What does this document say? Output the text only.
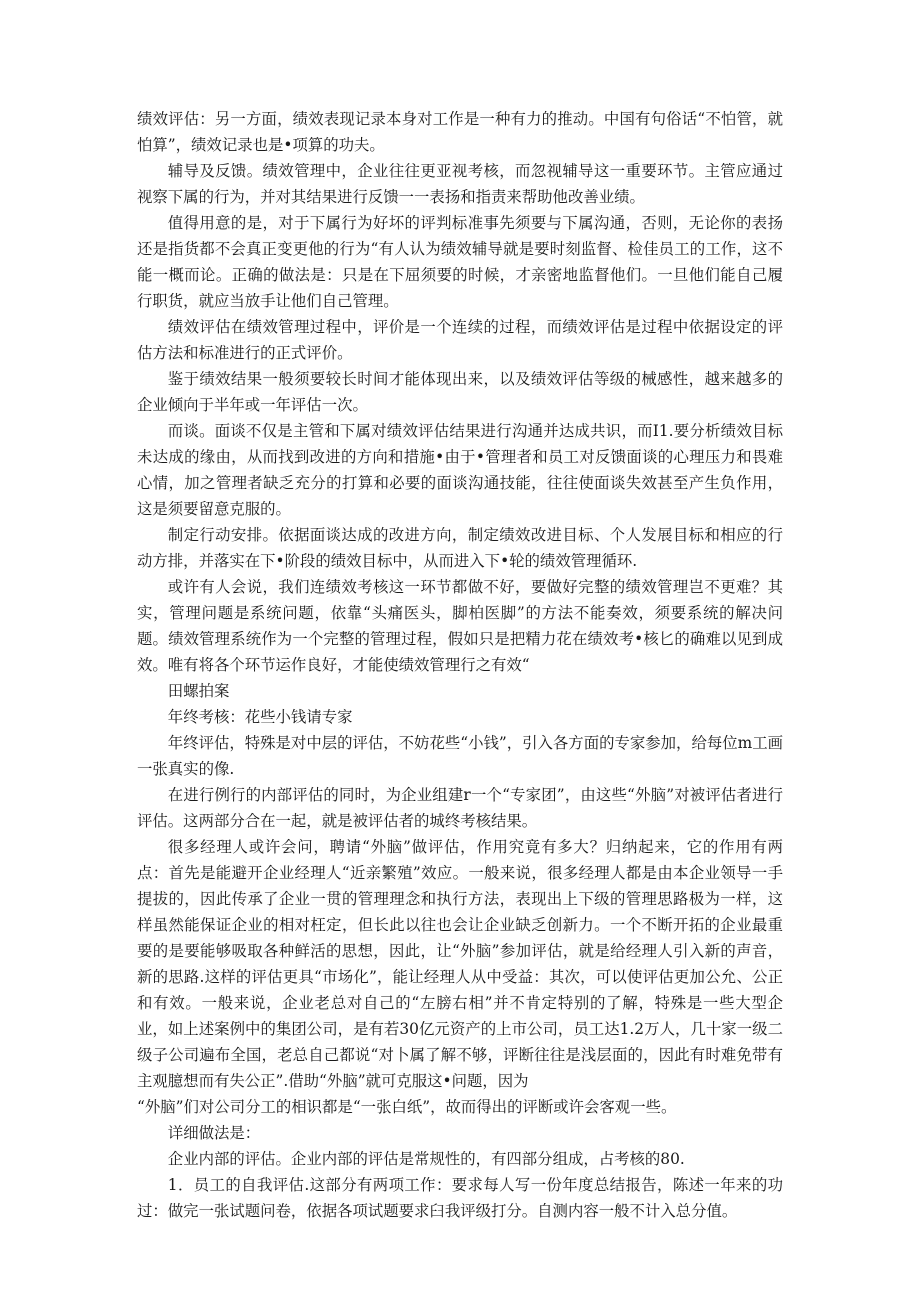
绩效评估：另一方面，绩效表现记录本身对工作是一种有力的推动。中国有句俗话“不怕管，就怕算”，绩效记录也是•项算的功夫。

辅导及反馈。绩效管理中，企业往往更亚视考核，而忽视辅导这一重要环节。主管应通过视察下属的行为，并对其结果进行反馈一一表扬和指责来帮助他改善业绩。

值得用意的是，对于下属行为好坏的评判标准事先须要与下属沟通，否则，无论你的表扬还是指货都不会真正变更他的行为“有人认为绩效辅导就是要时刻监督、检佳员工的工作，这不能一概而论。正确的做法是：只是在下屈须要的时候，才亲密地监督他们。一旦他们能自己履行职货，就应当放手让他们自己管理。

绩效评估在绩效管理过程中，评价是一个连续的过程，而绩效评估是过程中依据设定的评估方法和标准进行的正式评价。

鉴于绩效结果一般须要较长时间才能体现出来，以及绩效评估等级的械感性，越来越多的企业倾向于半年或一年评估一次。

而谈。面谈不仅是主管和下属对绩效评估结果进行沟通并达成共识，而I1.要分析绩效目标未达成的缘由，从而找到改进的方向和措施•由于•管理者和员工对反馈面谈的心理压力和畏难心情，加之管理者缺乏充分的打算和必要的面谈沟通技能，往往使面谈失效甚至产生负作用，这是须要留意克服的。

制定行动安排。依据面谈达成的改进方向，制定绩效改进目标、个人发展目标和相应的行动方排，并落实在下•阶段的绩效目标中，从而进入下•轮的绩效管理循环.

或许有人会说，我们连绩效考核这一环节都做不好，要做好完整的绩效管理岂不更难？其实，管理问题是系统问题，依靠“头痛医头，脚柏医脚”的方法不能奏效，须要系统的解决问题。绩效管理系统作为一个完整的管理过程，假如只是把精力花在绩效考•核匕的确难以见到成效。唯有将各个环节运作良好，才能使绩效管理行之有效“

田螺拍案

年终考核：花些小钱请专家

年终评估，特殊是对中层的评估，不妨花些“小钱”，引入各方面的专家参加，给每位m工画一张真实的像.

在进行例行的内部评估的同时，为企业组建r一个“专家团”，由这些“外脑”对被评估者进行评估。这两部分合在一起，就是被评估者的城终考核结果。

很多经理人或许会问，聘请“外脑”做评估，作用究竟有多大？归纳起来，它的作用有两点：首先是能避开企业经理人“近亲繁殖”效应。一般来说，很多经理人都是由本企业领导一手提拔的，因此传承了企业一贯的管理理念和执行方法，表现出上下级的管理思路极为一样，这样虽然能保证企业的相对枉定，但长此以往也会让企业缺乏创新力。一个不断开拓的企业最重要的是要能够吸取各种鲜活的思想，因此，让“外脑”参加评估，就是给经理人引入新的声音，新的思路.这样的评估更具“市场化”，能让经理人从中受益：其次，可以使评估更加公允、公正和有效。一般来说，企业老总对自己的“左膀右相”并不肯定特别的了解，特殊是一些大型企业，如上述案例中的集团公司，是有若30亿元资产的上市公司，员工达1.2万人，几十家一级二级子公司遍布全国，老总自己都说“对卜属了解不够，评断往往是浅层面的，因此有时难免带有主观臆想而有失公正”.借助“外脑”就可克服这•问题，因为

“外脑”们对公司分工的相识都是“一张白纸”，故而得出的评断或许会客观一些。

详细做法是：

企业内部的评估。企业内部的评估是常规性的，有四部分组成，占考核的80.

1．员工的自我评估.这部分有两项工作：要求每人写一份年度总结报告，陈述一年来的功过：做完一张试题问卷，依据各项试题要求臼我评级打分。自测内容一般不计入总分值。
